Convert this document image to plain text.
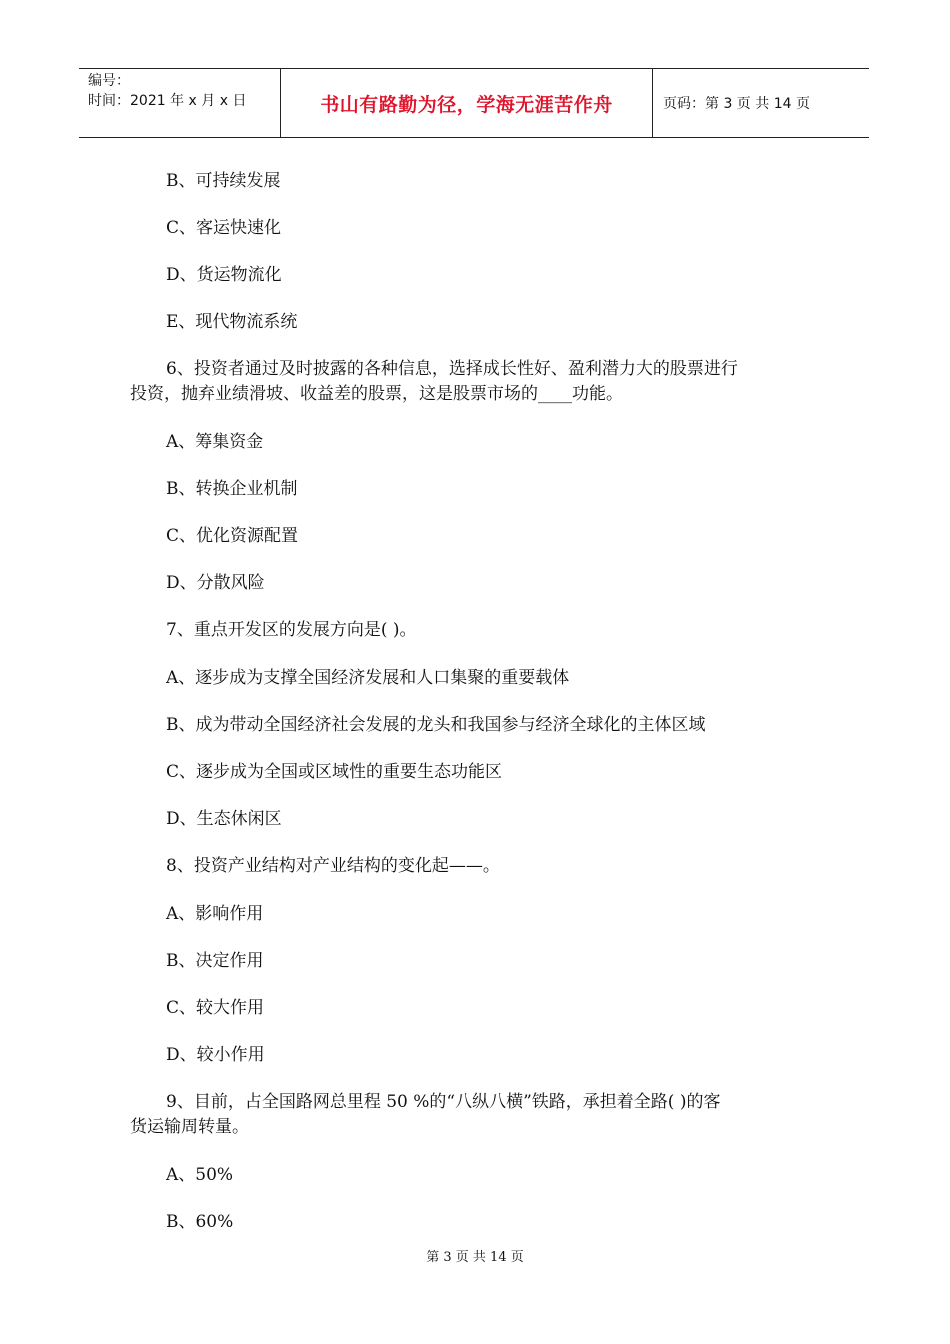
编号：
时间：2021 年 x 月 x 日	书山有路勤为径，学海无涯苦作舟	页码：第 3 页 共 14 页
B、可持续发展
C、客运快速化
D、货运物流化
E、现代物流系统
6、投资者通过及时披露的各种信息，选择成长性好、盈利潜力大的股票进行
投资，抛弃业绩滑坡、收益差的股票，这是股票市场的____功能。
A、筹集资金
B、转换企业机制
C、优化资源配置
D、分散风险
7、重点开发区的发展方向是( )。
A、逐步成为支撑全国经济发展和人口集聚的重要载体
B、成为带动全国经济社会发展的龙头和我国参与经济全球化的主体区域
C、逐步成为全国或区域性的重要生态功能区
D、生态休闲区
8、投资产业结构对产业结构的变化起——。
A、影响作用
B、决定作用
C、较大作用
D、较小作用
9、目前，占全国路网总里程 50 %的“八纵八横”铁路，承担着全路( )的客
货运输周转量。
A、50%
B、60%
第 3 页 共 14 页
